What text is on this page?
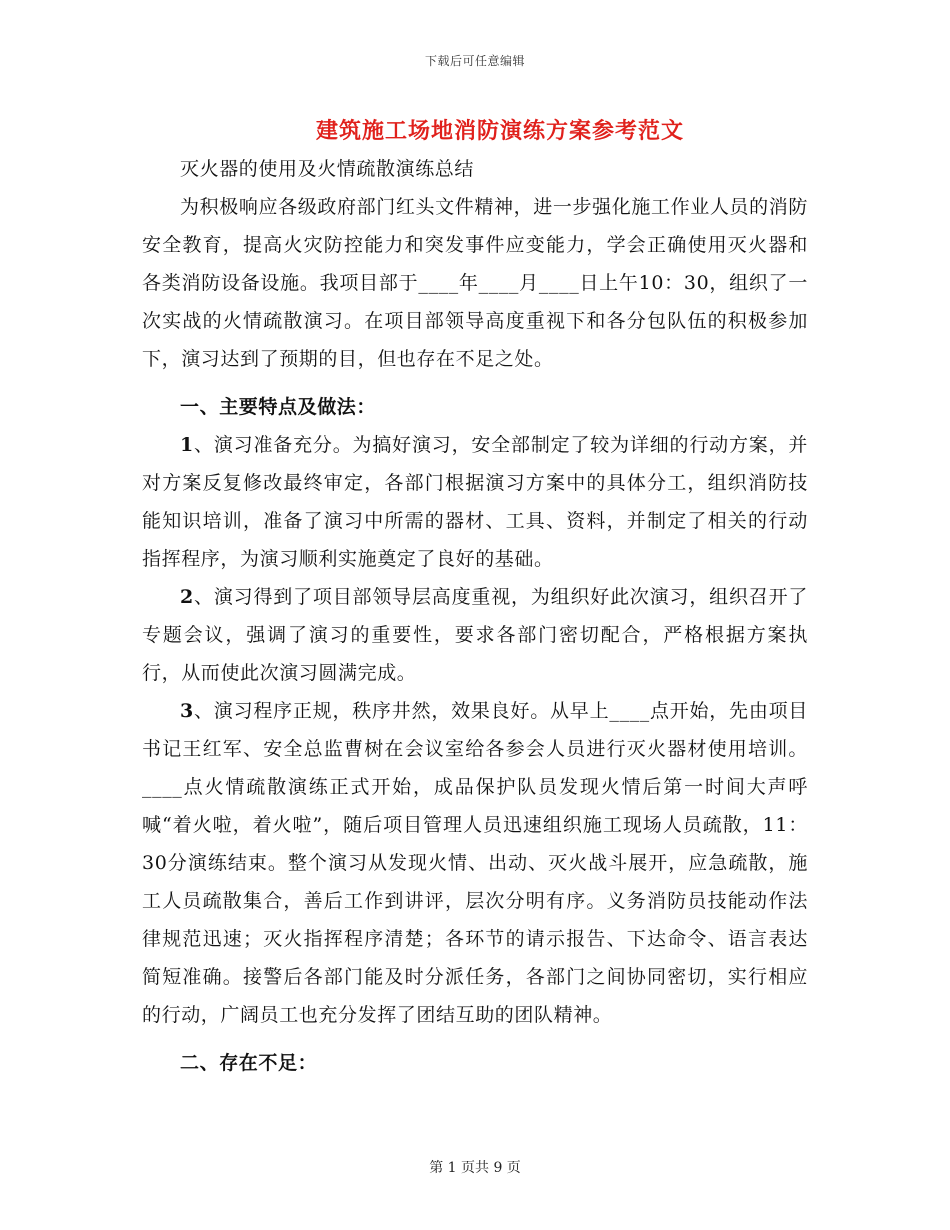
下载后可任意编辑
建筑施工场地消防演练方案参考范文

灭火器的使用及火情疏散演练总结

为积极响应各级政府部门红头文件精神，进一步强化施工作业人员的消防安全教育，提高火灾防控能力和突发事件应变能力，学会正确使用灭火器和各类消防设备设施。我项目部于____年____月____日上午10：30，组织了一次实战的火情疏散演习。在项目部领导高度重视下和各分包队伍的积极参加下，演习达到了预期的目，但也存在不足之处。

一、主要特点及做法：

1、演习准备充分。为搞好演习，安全部制定了较为详细的行动方案，并对方案反复修改最终审定，各部门根据演习方案中的具体分工，组织消防技能知识培训，准备了演习中所需的器材、工具、资料，并制定了相关的行动指挥程序，为演习顺利实施奠定了良好的基础。

2、演习得到了项目部领导层高度重视，为组织好此次演习，组织召开了专题会议，强调了演习的重要性，要求各部门密切配合，严格根据方案执行，从而使此次演习圆满完成。

3、演习程序正规，秩序井然，效果良好。从早上____点开始，先由项目书记王红军、安全总监曹树在会议室给各参会人员进行灭火器材使用培训。____点火情疏散演练正式开始，成品保护队员发现火情后第一时间大声呼喊“着火啦，着火啦”，随后项目管理人员迅速组织施工现场人员疏散，11：30分演练结束。整个演习从发现火情、出动、灭火战斗展开，应急疏散，施工人员疏散集合，善后工作到讲评，层次分明有序。义务消防员技能动作法律规范迅速；灭火指挥程序清楚；各环节的请示报告、下达命令、语言表达简短准确。接警后各部门能及时分派任务，各部门之间协同密切，实行相应的行动，广阔员工也充分发挥了团结互助的团队精神。

二、存在不足：

第 1 页共 9 页
